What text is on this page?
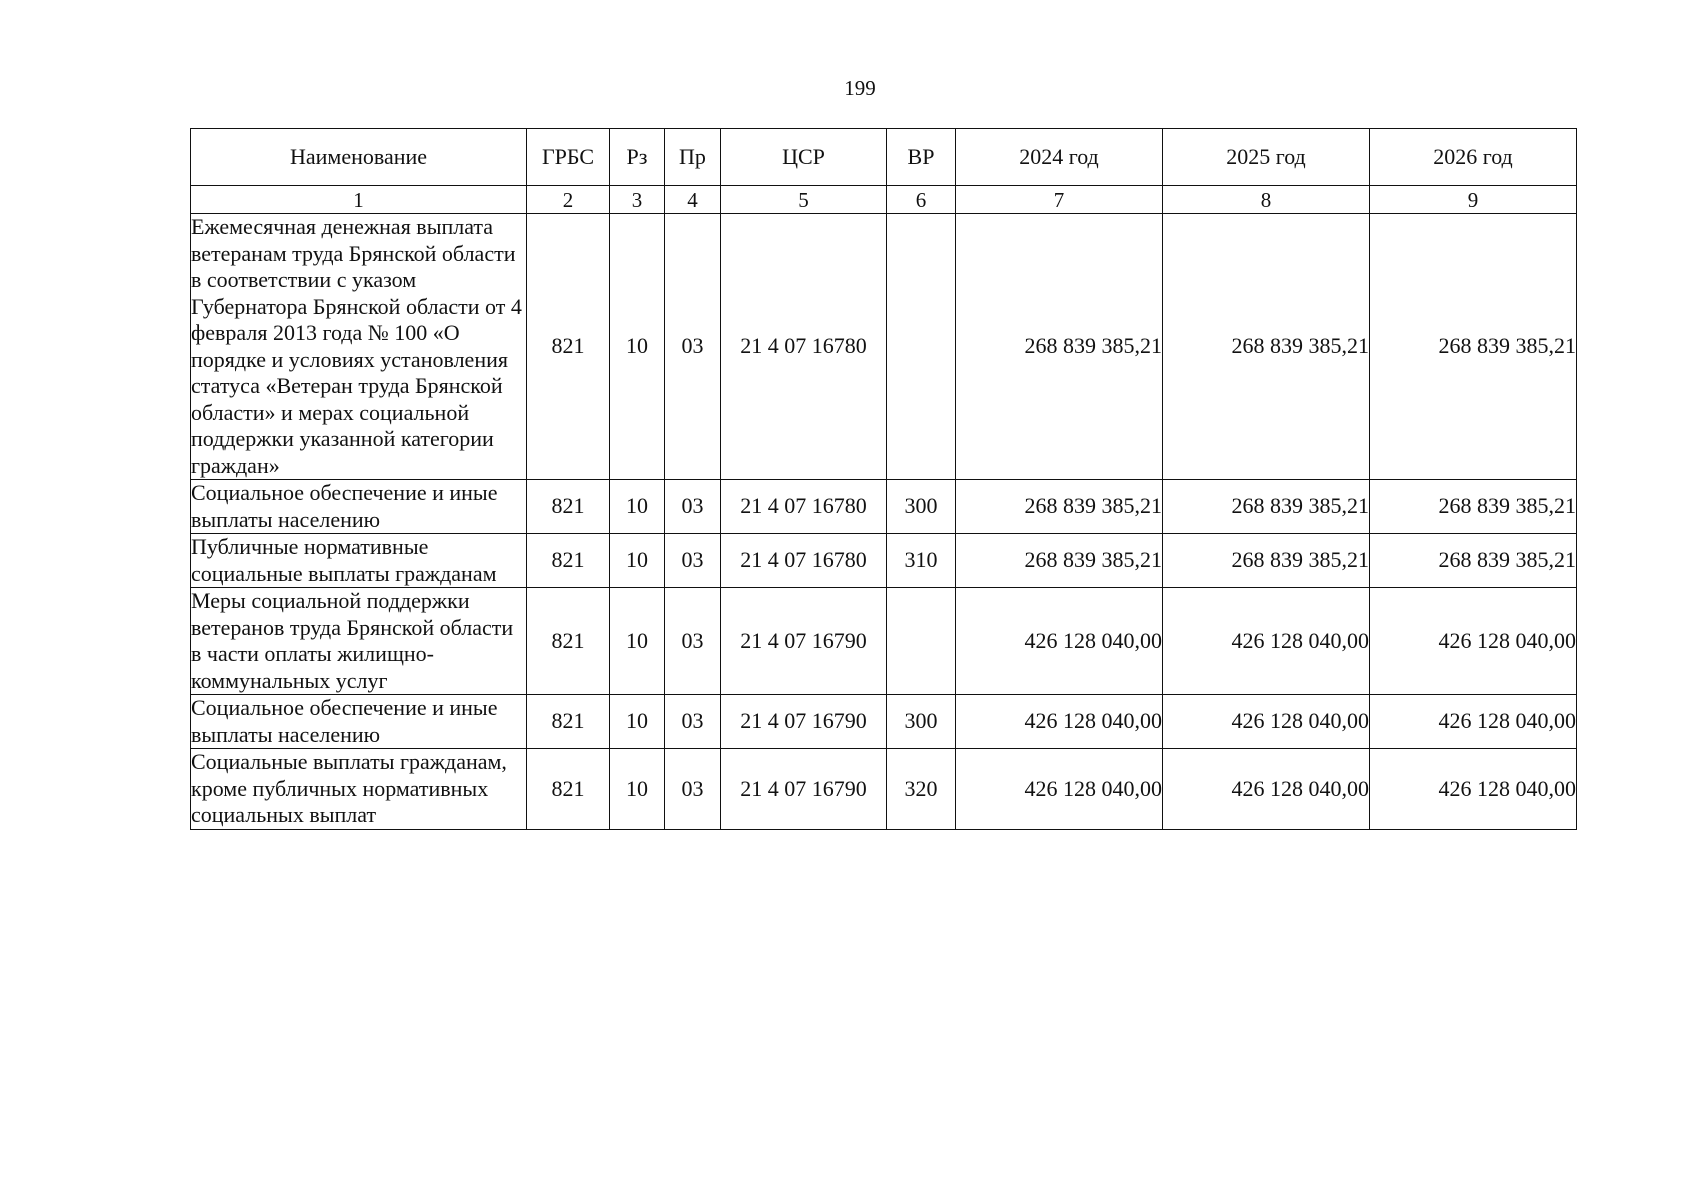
199
Наименование	ГРБС	Рз	Пр	ЦСР	ВР	2024 год	2025 год	2026 год
1	2	3	4	5	6	7	8	9
Ежемесячная денежная выплата ветеранам труда Брянской области в соответствии с указом Губернатора Брянской области от 4 февраля 2013 года № 100 «О порядке и условиях установления статуса «Ветеран труда Брянской области» и мерах социальной поддержки указанной категории граждан»	821	10	03	21 4 07 16780		268 839 385,21	268 839 385,21	268 839 385,21
Социальное обеспечение и иные выплаты населению	821	10	03	21 4 07 16780	300	268 839 385,21	268 839 385,21	268 839 385,21
Публичные нормативные социальные выплаты гражданам	821	10	03	21 4 07 16780	310	268 839 385,21	268 839 385,21	268 839 385,21
Меры социальной поддержки ветеранов труда Брянской области в части оплаты жилищно-коммунальных услуг	821	10	03	21 4 07 16790		426 128 040,00	426 128 040,00	426 128 040,00
Социальное обеспечение и иные выплаты населению	821	10	03	21 4 07 16790	300	426 128 040,00	426 128 040,00	426 128 040,00
Социальные выплаты гражданам, кроме публичных нормативных социальных выплат	821	10	03	21 4 07 16790	320	426 128 040,00	426 128 040,00	426 128 040,00
